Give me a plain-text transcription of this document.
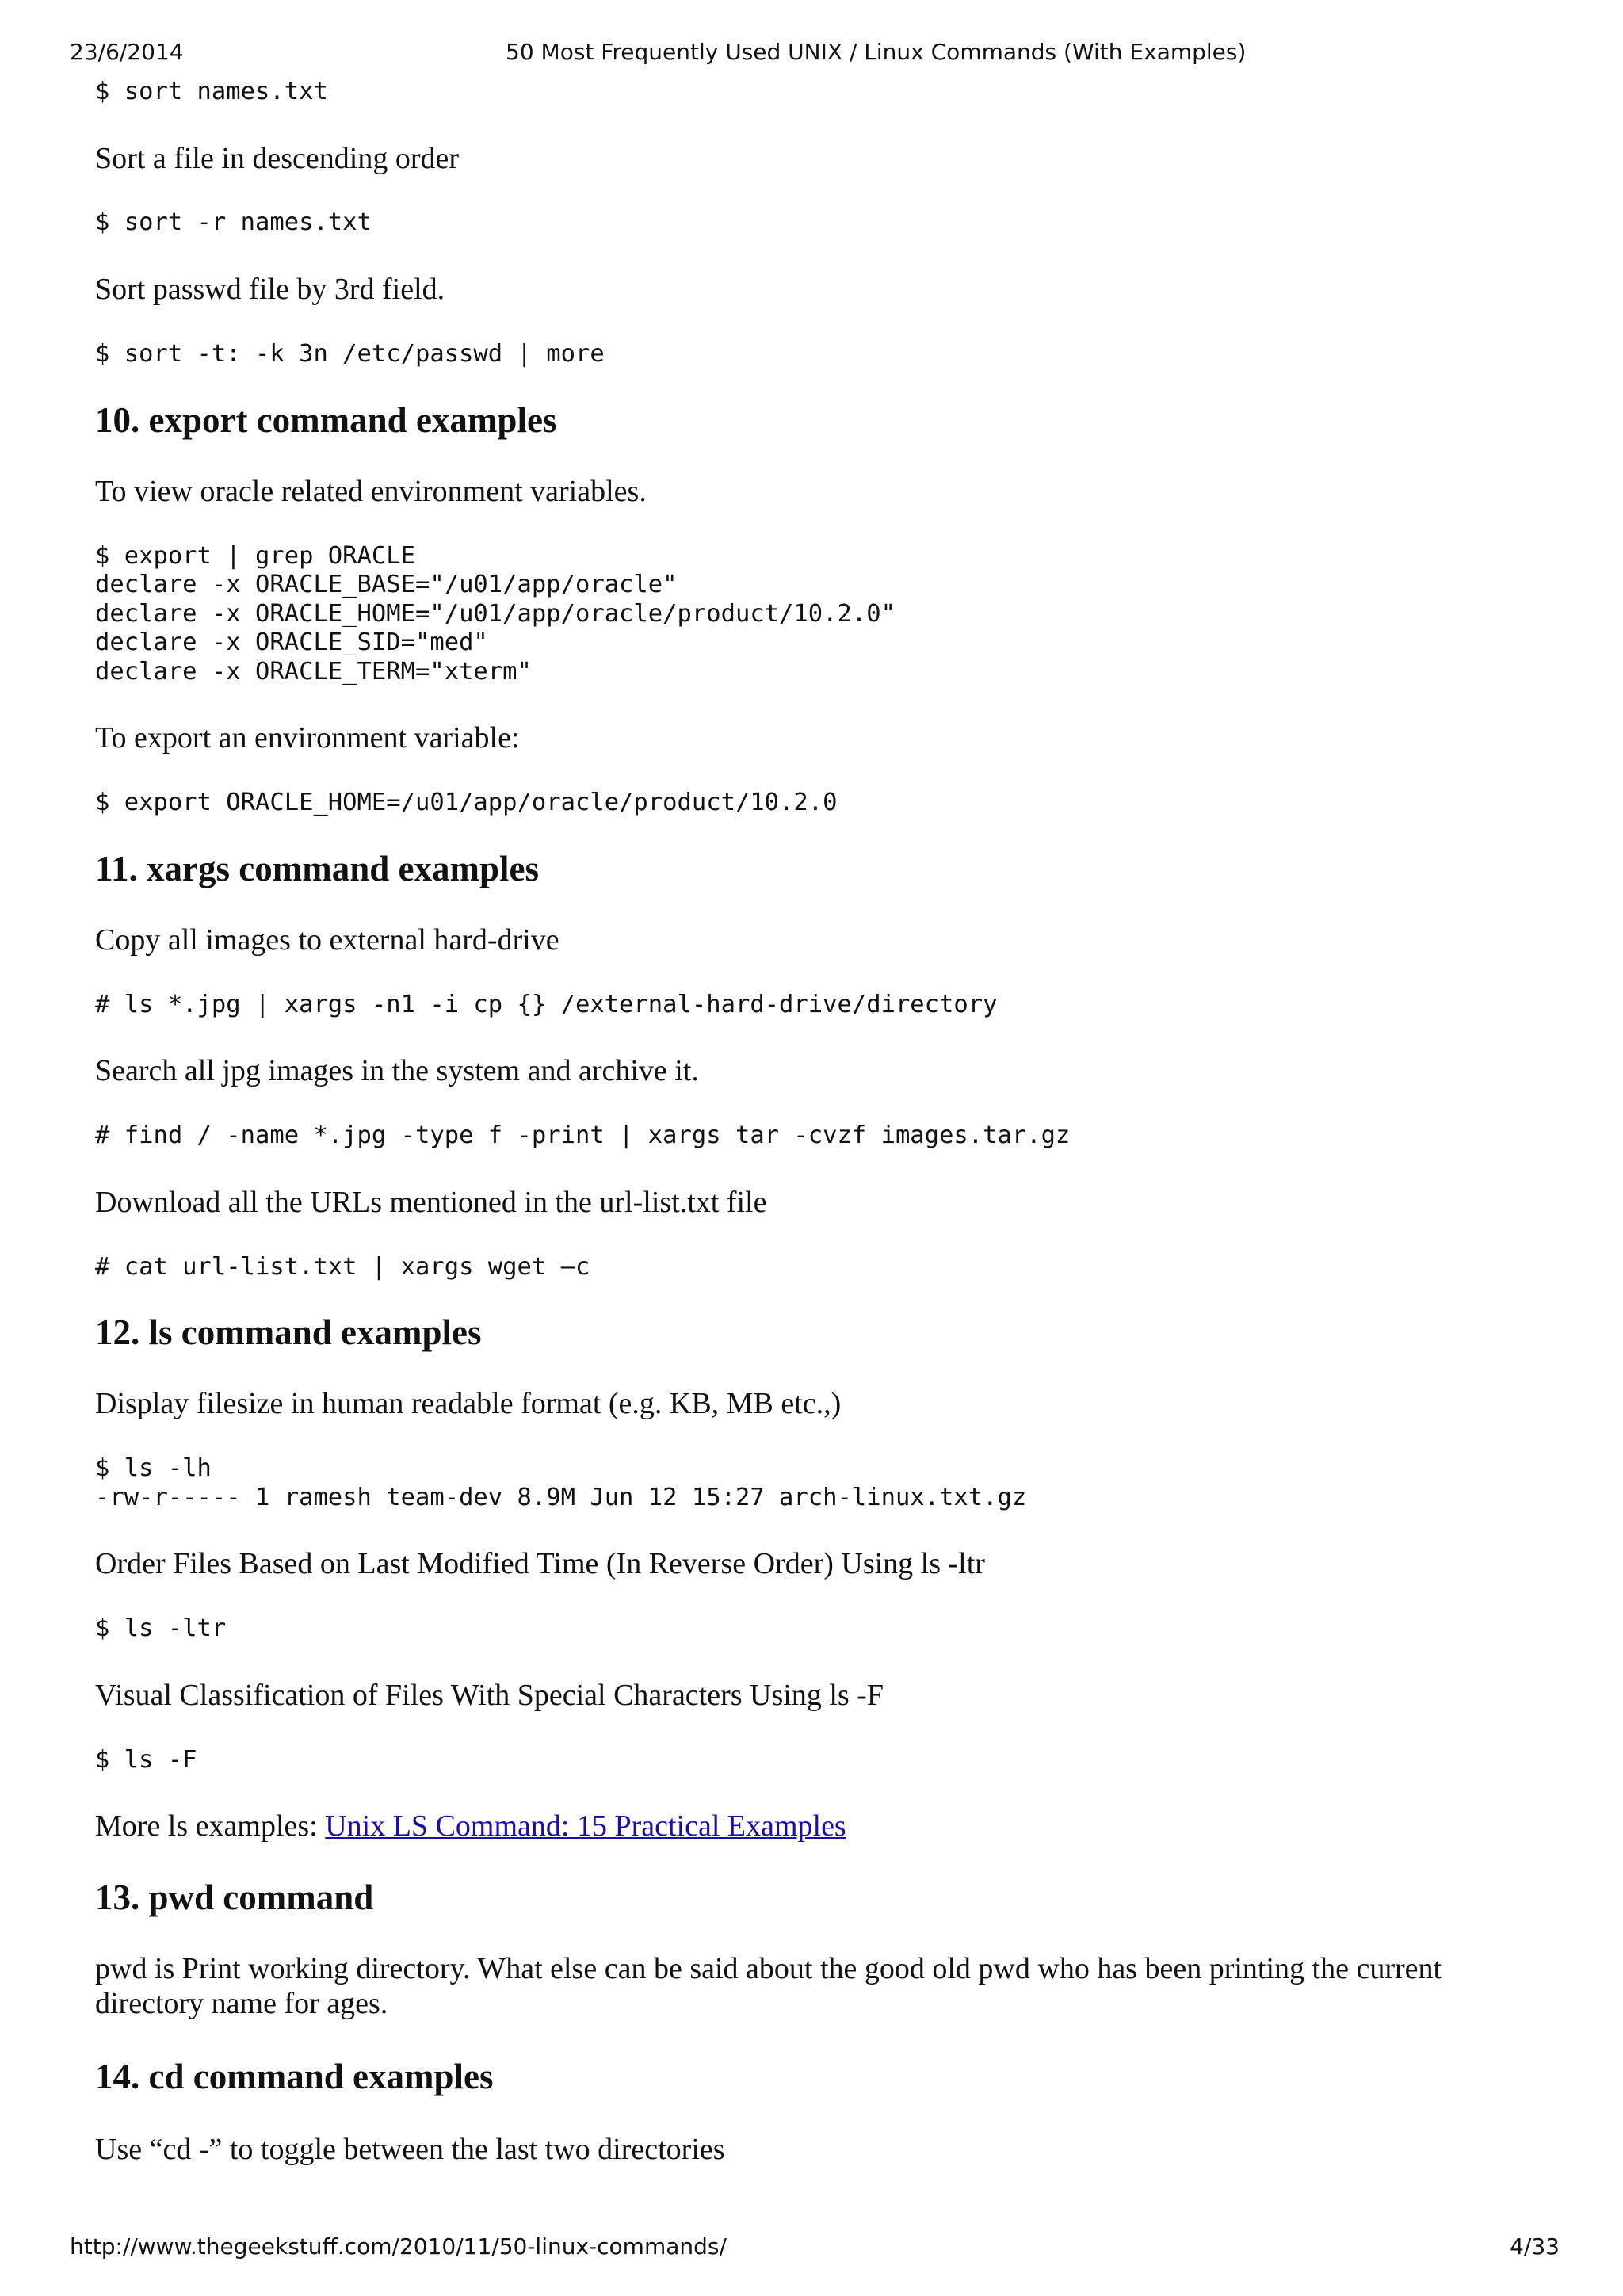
23/6/2014	50 Most Frequently Used UNIX / Linux Commands (With Examples)
$ sort names.txt

Sort a file in descending order

$ sort -r names.txt

Sort passwd file by 3rd field.

$ sort -t: -k 3n /etc/passwd | more
10. export command examples

To view oracle related environment variables.

$ export | grep ORACLE
declare -x ORACLE_BASE="/u01/app/oracle"
declare -x ORACLE_HOME="/u01/app/oracle/product/10.2.0"
declare -x ORACLE_SID="med"
declare -x ORACLE_TERM="xterm"

To export an environment variable:

$ export ORACLE_HOME=/u01/app/oracle/product/10.2.0
11. xargs command examples

Copy all images to external hard-drive

# ls *.jpg | xargs -n1 -i cp {} /external-hard-drive/directory

Search all jpg images in the system and archive it.

# find / -name *.jpg -type f -print | xargs tar -cvzf images.tar.gz

Download all the URLs mentioned in the url-list.txt file

# cat url-list.txt | xargs wget –c
12. ls command examples

Display filesize in human readable format (e.g. KB, MB etc.,)

$ ls -lh
-rw-r----- 1 ramesh team-dev 8.9M Jun 12 15:27 arch-linux.txt.gz

Order Files Based on Last Modified Time (In Reverse Order) Using ls -ltr

$ ls -ltr

Visual Classification of Files With Special Characters Using ls -F

$ ls -F

More ls examples: Unix LS Command: 15 Practical Examples

13. pwd command

pwd is Print working directory. What else can be said about the good old pwd who has been printing the current directory name for ages.

14. cd command examples

Use “cd -” to toggle between the last two directories

http://www.thegeekstuff.com/2010/11/50-linux-commands/	4/33
